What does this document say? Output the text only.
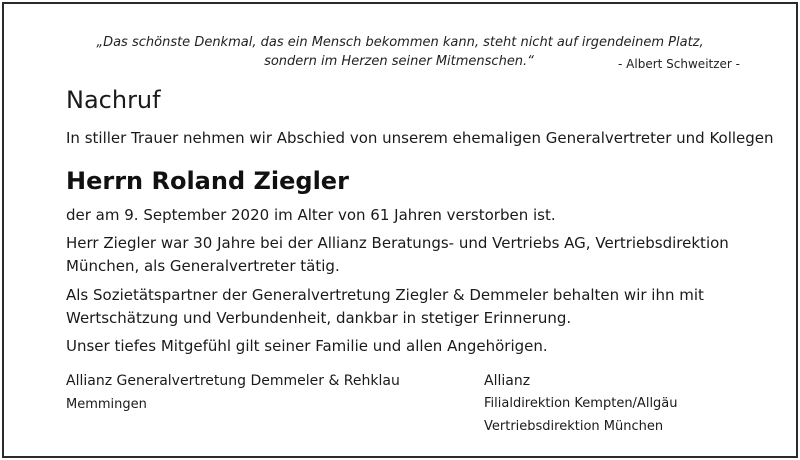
„Das schönste Denkmal, das ein Mensch bekommen kann, steht nicht auf irgendeinem Platz,
sondern im Herzen seiner Mitmenschen.“	- Albert Schweitzer -
Nachruf
In stiller Trauer nehmen wir Abschied von unserem ehemaligen Generalvertreter und Kollegen
Herrn Roland Ziegler
der am 9. September 2020 im Alter von 61 Jahren verstorben ist.
Herr Ziegler war 30 Jahre bei der Allianz Beratungs- und Vertriebs AG, Vertriebsdirektion
München, als Generalvertreter tätig.
Als Sozietätspartner der Generalvertretung Ziegler & Demmeler behalten wir ihn mit
Wertschätzung und Verbundenheit, dankbar in stetiger Erinnerung.
Unser tiefes Mitgefühl gilt seiner Familie und allen Angehörigen.
Allianz Generalvertretung Demmeler & Rehklau
Memmingen
Allianz
Filialdirektion Kempten/Allgäu
Vertriebsdirektion München
